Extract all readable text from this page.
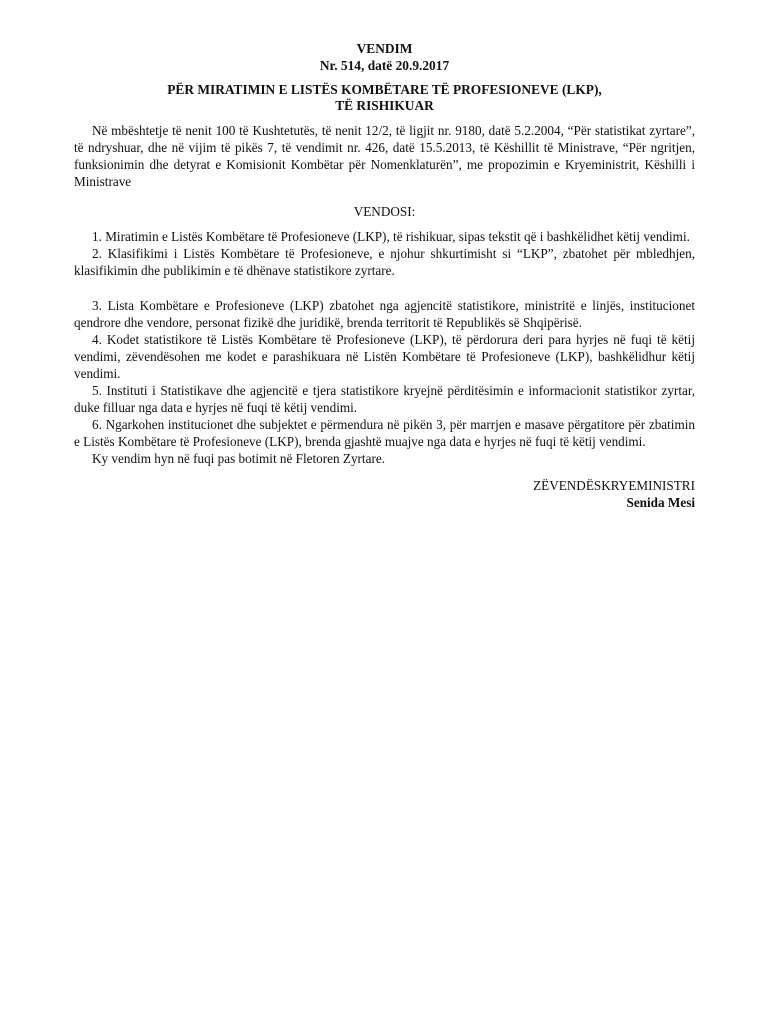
VENDIM
Nr. 514, datë 20.9.2017
PËR MIRATIMIN E LISTËS KOMBËTARE TË PROFESIONEVE (LKP),
TË RISHIKUAR

Në mbështetje të nenit 100 të Kushtetutës, të nenit 12/2, të ligjit nr. 9180, datë 5.2.2004, “Për statistikat zyrtare”, të ndryshuar, dhe në vijim të pikës 7, të vendimit nr. 426, datë 15.5.2013, të Këshillit të Ministrave, “Për ngritjen, funksionimin dhe detyrat e Komisionit Kombëtar për Nomenklaturën”, me propozimin e Kryeministrit, Këshilli i Ministrave

VENDOSI:

1. Miratimin e Listës Kombëtare të Profesioneve (LKP), të rishikuar, sipas tekstit që i bashkëlidhet këtij vendimi.

2. Klasifikimi i Listës Kombëtare të Profesioneve, e njohur shkurtimisht si “LKP”, zbatohet për mbledhjen, klasifikimin dhe publikimin e të dhënave statistikore zyrtare.

3. Lista Kombëtare e Profesioneve (LKP) zbatohet nga agjencitë statistikore, ministritë e linjës, institucionet qendrore dhe vendore, personat fizikë dhe juridikë, brenda territorit të Republikës së Shqipërisë.

4. Kodet statistikore të Listës Kombëtare të Profesioneve (LKP), të përdorura deri para hyrjes në fuqi të këtij vendimi, zëvendësohen me kodet e parashikuara në Listën Kombëtare të Profesioneve (LKP), bashkëlidhur këtij vendimi.

5. Instituti i Statistikave dhe agjencitë e tjera statistikore kryejnë përditësimin e informacionit statistikor zyrtar, duke filluar nga data e hyrjes në fuqi të këtij vendimi.

6. Ngarkohen institucionet dhe subjektet e përmendura në pikën 3, për marrjen e masave përgatitore për zbatimin e Listës Kombëtare të Profesioneve (LKP), brenda gjashtë muajve nga data e hyrjes në fuqi të këtij vendimi.

Ky vendim hyn në fuqi pas botimit në Fletoren Zyrtare.

ZËVENDËSKRYEMINISTRI
Senida Mesi
